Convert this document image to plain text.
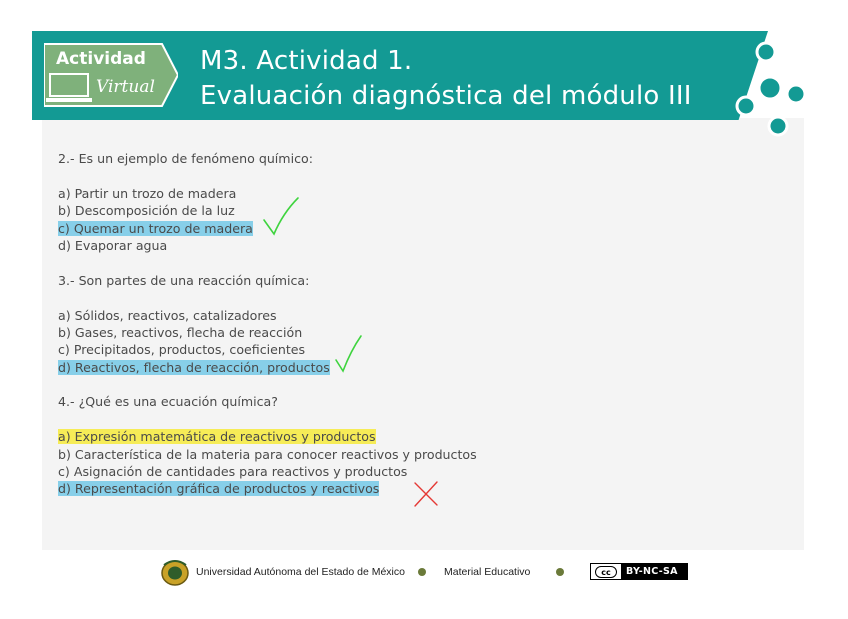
Actividad
Virtual
M3. Actividad 1.
Evaluación diagnóstica del módulo III
2.- Es un ejemplo de fenómeno químico:
a) Partir un trozo de madera
b) Descomposición de la luz
c) Quemar un trozo de madera
d) Evaporar agua
3.- Son partes de una reacción química:
a) Sólidos, reactivos, catalizadores
b) Gases, reactivos, flecha de reacción
c) Precipitados, productos, coeficientes
d) Reactivos, flecha de reacción, productos
4.- ¿Qué es una ecuación química?
a) Expresión matemática de reactivos y productos
b) Característica de la materia para conocer reactivos y productos
c) Asignación de cantidades para reactivos y productos
d) Representación gráfica de productos y reactivos
Universidad Autónoma del Estado de México	Material Educativo	cc	BY-NC-SA
